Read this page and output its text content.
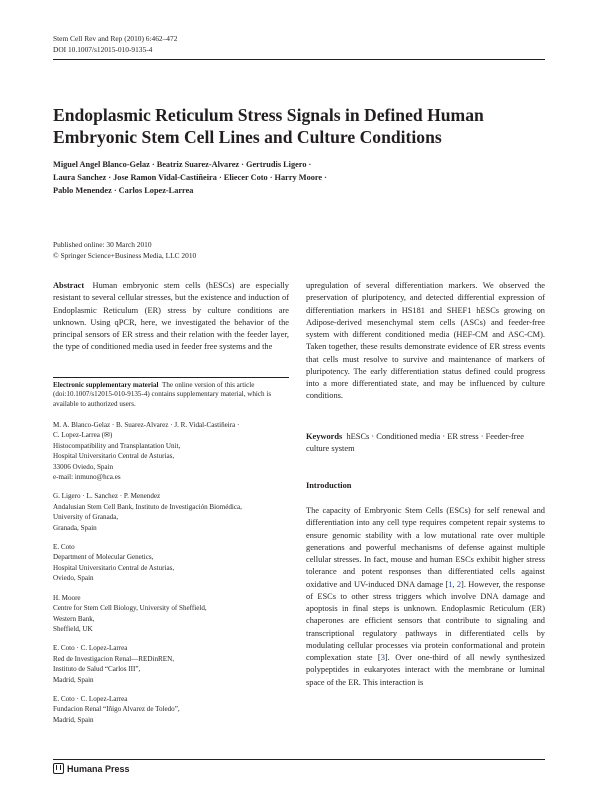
Stem Cell Rev and Rep (2010) 6:462–472
DOI 10.1007/s12015-010-9135-4
Endoplasmic Reticulum Stress Signals in Defined Human Embryonic Stem Cell Lines and Culture Conditions
Miguel Angel Blanco-Gelaz · Beatriz Suarez-Alvarez · Gertrudis Ligero ·
Laura Sanchez · Jose Ramon Vidal-Castiñeira · Eliecer Coto · Harry Moore ·
Pablo Menendez · Carlos Lopez-Larrea
Published online: 30 March 2010
© Springer Science+Business Media, LLC 2010
Abstract  Human embryonic stem cells (hESCs) are especially resistant to several cellular stresses, but the existence and induction of Endoplasmic Reticulum (ER) stress by culture conditions are unknown. Using qPCR, here, we investigated the behavior of the principal sensors of ER stress and their relation with the feeder layer, the type of conditioned media used in feeder free systems and the
Electronic supplementary material  The online version of this article (doi:10.1007/s12015-010-9135-4) contains supplementary material, which is available to authorized users.
M. A. Blanco-Gelaz · B. Suarez-Alvarez · J. R. Vidal-Castiñeira ·
C. Lopez-Larrea (✉)
Histocompatibility and Transplantation Unit,
Hospital Universitario Central de Asturias,
33006 Oviedo, Spain
e-mail: inmuno@hca.es
G. Ligero · L. Sanchez · P. Menendez
Andalusian Stem Cell Bank, Instituto de Investigación Biomédica,
University of Granada,
Granada, Spain
E. Coto
Department of Molecular Genetics,
Hospital Universitario Central de Asturias,
Oviedo, Spain
H. Moore
Centre for Stem Cell Biology, University of Sheffield,
Western Bank,
Sheffield, UK
E. Coto · C. Lopez-Larrea
Red de Investigacion Renal—REDinREN,
Instituto de Salud “Carlos III”,
Madrid, Spain
E. Coto · C. Lopez-Larrea
Fundacion Renal “Iñigo Alvarez de Toledo”,
Madrid, Spain
upregulation of several differentiation markers. We observed the preservation of pluripotency, and detected differential expression of differentiation markers in HS181 and SHEF1 hESCs growing on Adipose-derived mesenchymal stem cells (ASCs) and feeder-free system with different conditioned media (HEF-CM and ASC-CM). Taken together, these results demonstrate evidence of ER stress events that cells must resolve to survive and maintenance of markers of pluripotency. The early differentiation status defined could progress into a more differentiated state, and may be influenced by culture conditions.
Keywords  hESCs · Conditioned media · ER stress · Feeder-free culture system
Introduction

The capacity of Embryonic Stem Cells (ESCs) for self renewal and differentiation into any cell type requires competent repair systems to ensure genomic stability with a low mutational rate over multiple generations and powerful mechanisms of defense against multiple cellular stresses. In fact, mouse and human ESCs exhibit higher stress tolerance and potent responses than differentiated cells against oxidative and UV-induced DNA damage [1, 2]. However, the response of ESCs to other stress triggers which involve DNA damage and apoptosis in final steps is unknown. Endoplasmic Reticulum (ER) chaperones are efficient sensors that contribute to signaling and transcriptional regulatory pathways in differentiated cells by modulating cellular processes via protein conformational and protein complexation state [3]. Over one-third of all newly synthesized polypeptides in eukaryotes interact with the membrane or luminal space of the ER. This interaction is

Humana Press
